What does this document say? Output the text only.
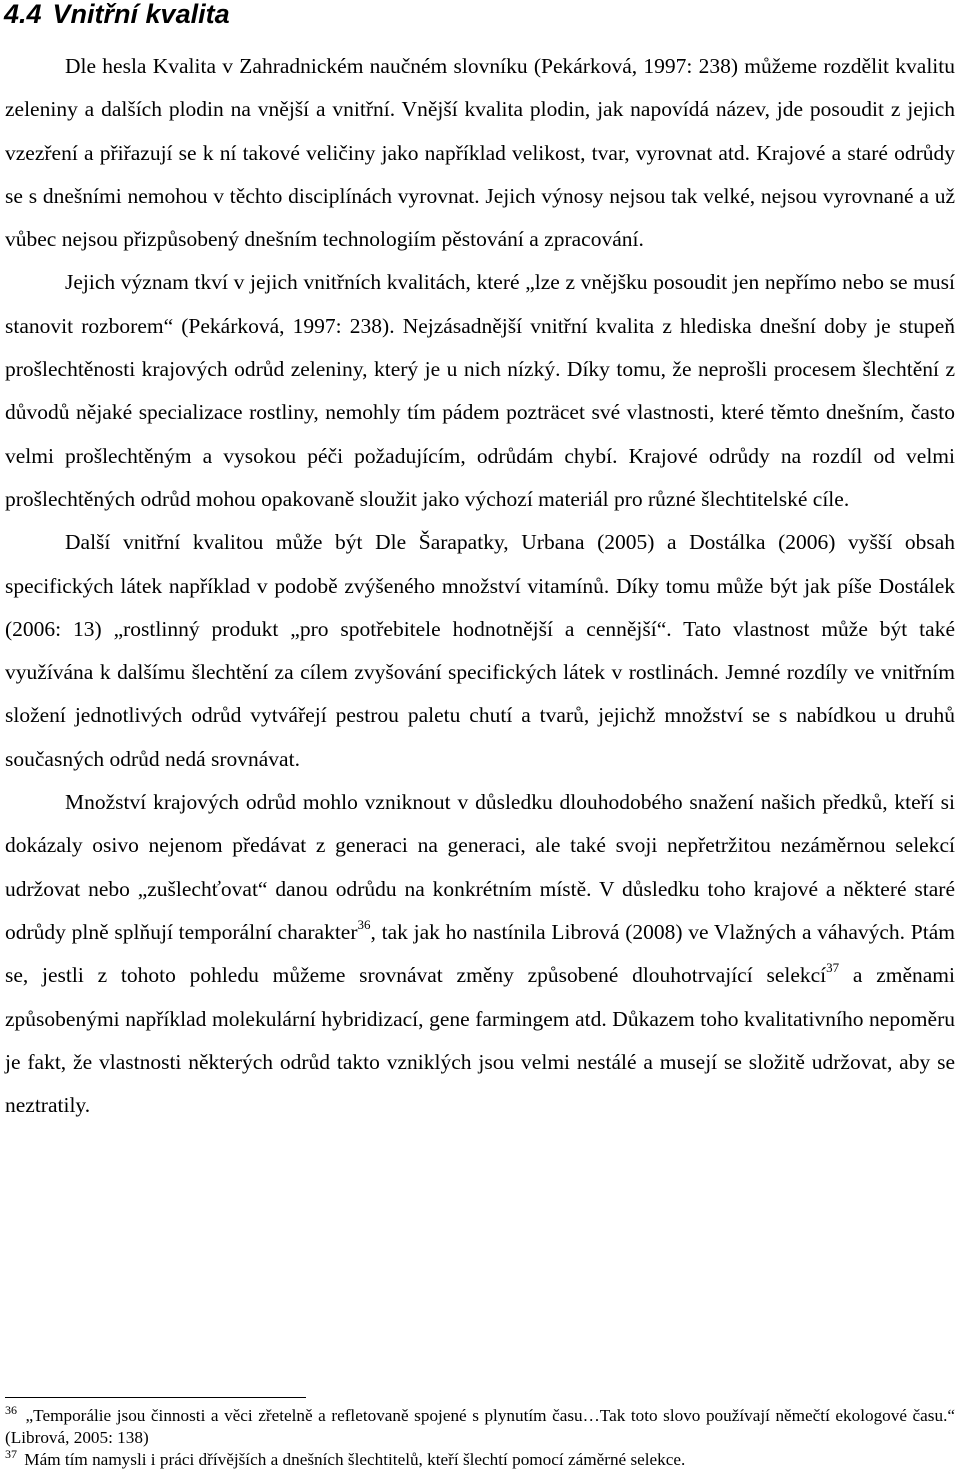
4.4 Vnitřní kvalita

Dle hesla Kvalita v Zahradnickém naučném slovníku (Pekárková, 1997: 238) můžeme rozdělit kvalitu zeleniny a dalších plodin na vnější a vnitřní. Vnější kvalita plodin, jak napovídá název, jde posoudit z jejich vzezření a přiřazují se k ní takové veličiny jako například velikost, tvar, vyrovnat atd. Krajové a staré odrůdy se s dnešními nemohou v těchto disciplínách vyrovnat. Jejich výnosy nejsou tak velké, nejsou vyrovnané a už vůbec nejsou přizpůsobený dnešním technologiím pěstování a zpracování.

Jejich význam tkví v jejich vnitřních kvalitách, které „lze z vnějšku posoudit jen nepřímo nebo se musí stanovit rozborem“ (Pekárková, 1997: 238). Nejzásadnější vnitřní kvalita z hlediska dnešní doby je stupeň prošlechtěnosti krajových odrůd zeleniny, který je u nich nízký. Díky tomu, že neprošli procesem šlechtění z důvodů nějaké specializace rostliny, nemohly tím pádem pozträcet své vlastnosti, které těmto dnešním, často velmi prošlechtěným a vysokou péči požadujícím, odrůdám chybí. Krajové odrůdy na rozdíl od velmi prošlechtěných odrůd mohou opakovaně sloužit jako výchozí materiál pro různé šlechtitelské cíle.

Další vnitřní kvalitou může být Dle Šarapatky, Urbana (2005) a Dostálka (2006) vyšší obsah specifických látek například v podobě zvýšeného množství vitamínů. Díky tomu může být jak píše Dostálek (2006: 13) „rostlinný produkt „pro spotřebitele hodnotnější a cennější“. Tato vlastnost může být také využívána k dalšímu šlechtění za cílem zvyšování specifických látek v rostlinách. Jemné rozdíly ve vnitřním složení jednotlivých odrůd vytvářejí pestrou paletu chutí a tvarů, jejichž množství se s nabídkou u druhů současných odrůd nedá srovnávat.

Množství krajových odrůd mohlo vzniknout v důsledku dlouhodobého snažení našich předků, kteří si dokázaly osivo nejenom předávat z generaci na generaci, ale také svoji nepřetržitou nezáměrnou selekcí udržovat nebo „zušlechťovat“ danou odrůdu na konkrétním místě. V důsledku toho krajové a některé staré odrůdy plně splňují temporální charakter$^{36}$, tak jak ho nastínila Librová (2008) ve Vlažných a váhavých. Ptám se, jestli z tohoto pohledu můžeme srovnávat změny způsobené dlouhotrvající selekcí$^{37}$ a změnami způsobenými například molekulární hybridizací, gene farmingem atd. Důkazem toho kvalitativního nepoměru je fakt, že vlastnosti některých odrůd takto vzniklých jsou velmi nestálé a musejí se složitě udržovat, aby se neztratily.

$^{36}$ „Temporálie jsou činnosti a věci zřetelně a refletovaně spojené s plynutím času…Tak toto slovo používají němečtí ekologové času.“ (Librová, 2005: 138)

$^{37}$ Mám tím namysli i práci dřívějších a dnešních šlechtitelů, kteří šlechtí pomocí záměrné selekce.
